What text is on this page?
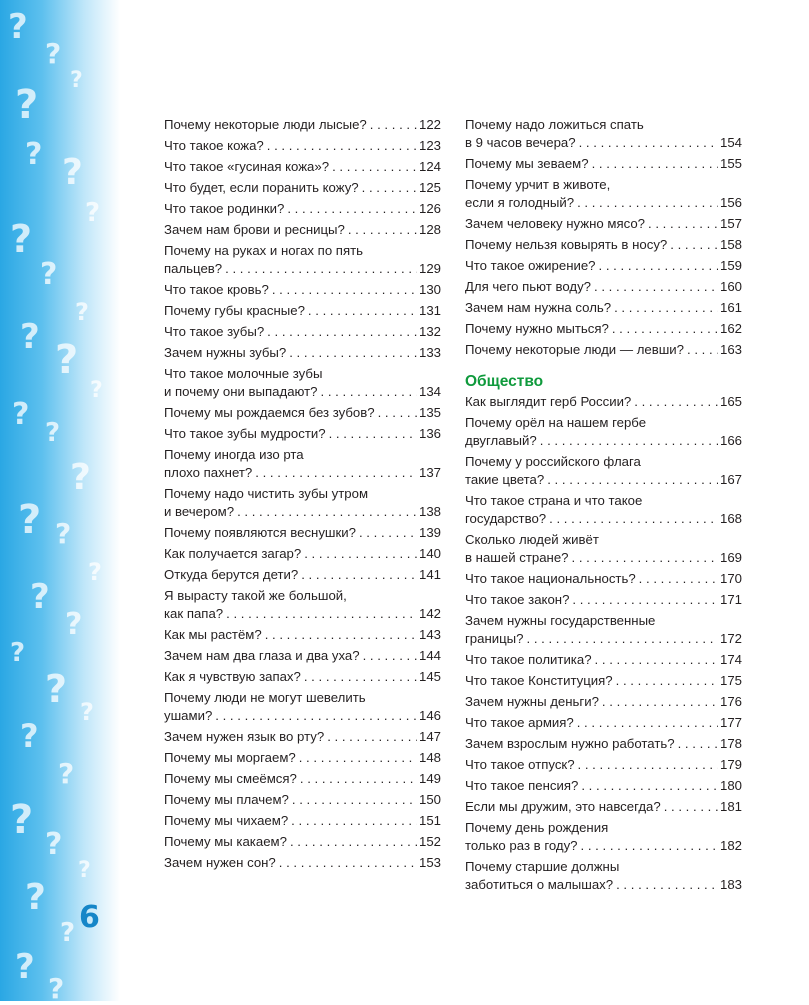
?
?
?
?
? ?
?
?
?
?
? ?
?
?
?
?
? ?
?
?
?
?
?
?
?
?
?
?
?
?
?
?
?
6
Почему некоторые люди лысые? . . .	122
Что такое кожа? . . .	123
Что такое «гусиная кожа»? . . .	124
Что будет, если поранить кожу? . . .	125
Что такое родинки? . . .	126
Зачем нам брови и ресницы? . . .	128
Почему на руках и ногах по пять
пальцев? . . .	129
Что такое кровь? . . .	130
Почему губы красные? . . .	131
Что такое зубы? . . .	132
Зачем нужны зубы? . . .	133
Что такое молочные зубы
и почему они выпадают? . . .	134
Почему мы рождаемся без зубов? . . .	135
Что такое зубы мудрости? . . .	136
Почему иногда изо рта
плохо пахнет? . . .	137
Почему надо чистить зубы утром
и вечером? . . .	138
Почему появляются веснушки? . . .	139
Как получается загар? . . .	140
Откуда берутся дети? . . .	141
Я вырасту такой же большой,
как папа? . . .	142
Как мы растём? . . .	143
Зачем нам два глаза и два уха? . . .	144
Как я чувствую запах? . . .	145
Почему люди не могут шевелить
ушами? . . .	146
Зачем нужен язык во рту? . . .	147
Почему мы моргаем? . . .	148
Почему мы смеёмся? . . .	149
Почему мы плачем? . . .	150
Почему мы чихаем? . . .	151
Почему мы какаем? . . .	152
Зачем нужен сон? . . .	153
Почему надо ложиться спать
в 9 часов вечера? . . .	154
Почему мы зеваем? . . .	155
Почему урчит в животе,
если я голодный? . . .	156
Зачем человеку нужно мясо? . . .	157
Почему нельзя ковырять в носу? . . .	158
Что такое ожирение? . . .	159
Для чего пьют воду? . . .	160
Зачем нам нужна соль? . . .	161
Почему нужно мыться? . . .	162
Почему некоторые люди — левши? . . .	163
Общество
Как выглядит герб России? . . .	165
Почему орёл на нашем гербе
двуглавый? . . .	166
Почему у российского флага
такие цвета? . . .	167
Что такое страна и что такое
государство? . . .	168
Сколько людей живёт
в нашей стране? . . .	169
Что такое национальность? . . .	170
Что такое закон? . . .	171
Зачем нужны государственные
границы? . . .	172
Что такое политика? . . .	174
Что такое Конституция? . . .	175
Зачем нужны деньги? . . .	176
Что такое армия? . . .	177
Зачем взрослым нужно работать? . . .	178
Что такое отпуск? . . .	179
Что такое пенсия? . . .	180
Если мы дружим, это навсегда? . . .	181
Почему день рождения
только раз в году? . . .	182
Почему старшие должны
заботиться о малышах? . . .	183
